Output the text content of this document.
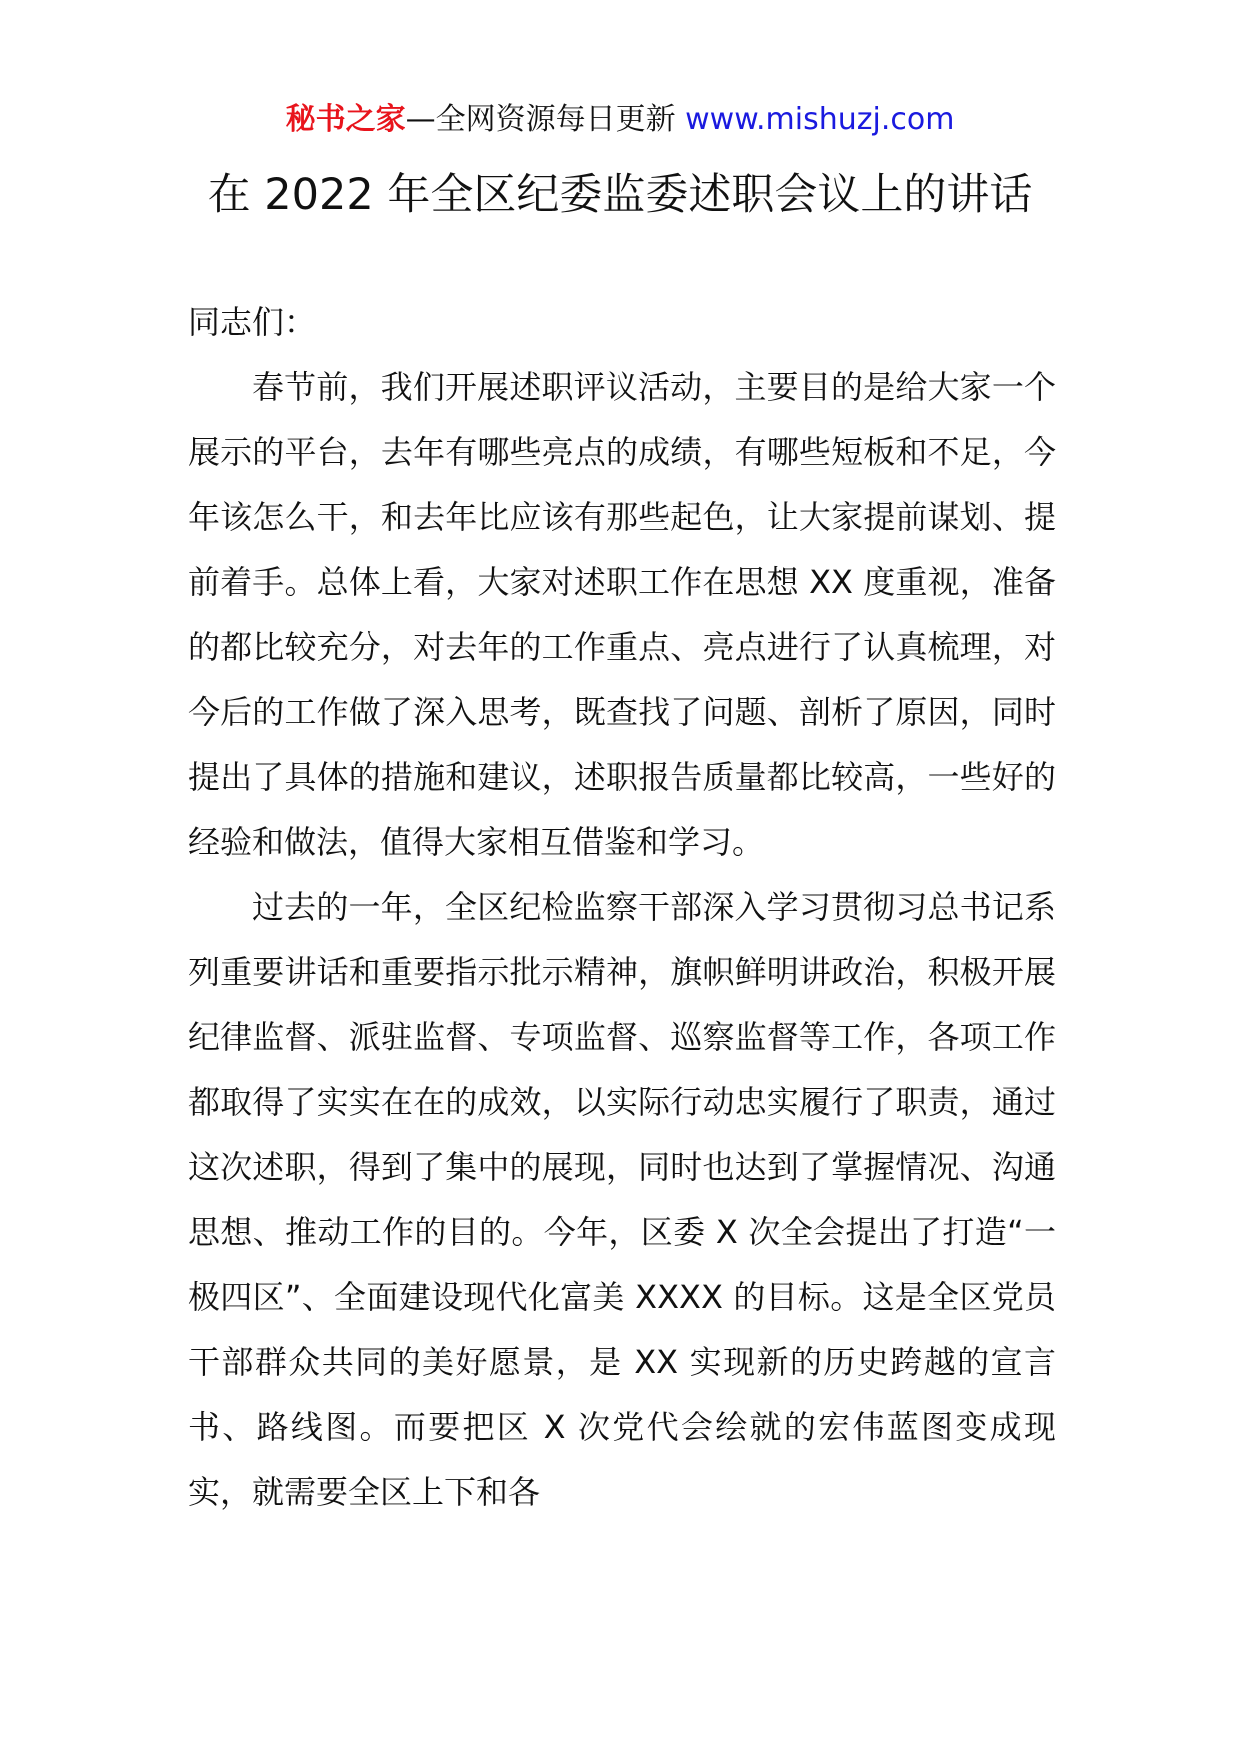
秘书之家—全网资源每日更新 www.mishuzj.com
在 2022 年全区纪委监委述职会议上的讲话

同志们：

春节前，我们开展述职评议活动，主要目的是给大家一个展示的平台，去年有哪些亮点的成绩，有哪些短板和不足，今年该怎么干，和去年比应该有那些起色，让大家提前谋划、提前着手。总体上看，大家对述职工作在思想 XX 度重视，准备的都比较充分，对去年的工作重点、亮点进行了认真梳理，对今后的工作做了深入思考，既查找了问题、剖析了原因，同时提出了具体的措施和建议，述职报告质量都比较高，一些好的经验和做法，值得大家相互借鉴和学习。

过去的一年，全区纪检监察干部深入学习贯彻习总书记系列重要讲话和重要指示批示精神，旗帜鲜明讲政治，积极开展纪律监督、派驻监督、专项监督、巡察监督等工作，各项工作都取得了实实在在的成效，以实际行动忠实履行了职责，通过这次述职，得到了集中的展现，同时也达到了掌握情况、沟通思想、推动工作的目的。今年，区委 X 次全会提出了打造“一极四区”、全面建设现代化富美 XXXX 的目标。这是全区党员干部群众共同的美好愿景，是 XX 实现新的历史跨越的宣言书、路线图。而要把区 X 次党代会绘就的宏伟蓝图变成现实，就需要全区上下和各
